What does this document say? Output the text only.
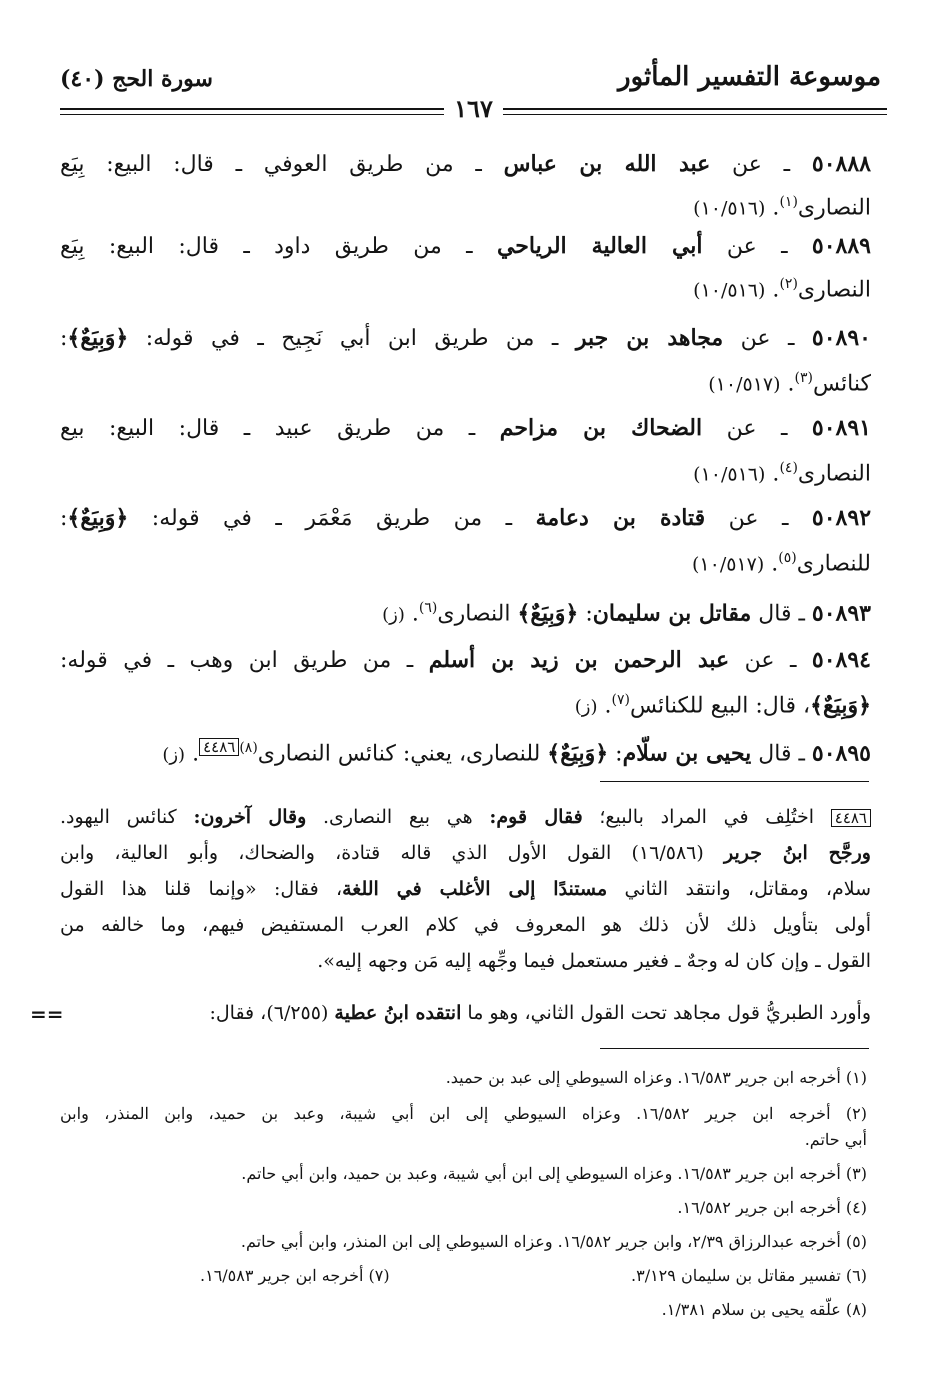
موسوعة التفسير المأثور
سورة الحج (٤٠)
١٦٧
٥٠٨٨٨ ـ عن عبد الله بن عباس ـ من طريق العوفي ـ قال: البيع: بِيَع
النصارى$^{(١)}$. (١٠/٥١٦)
٥٠٨٨٩ ـ عن أبي العالية الرياحي ـ من طريق داود ـ قال: البيع: بِيَع
النصارى$^{(٢)}$. (١٠/٥١٦)
٥٠٨٩٠ ـ عن مجاهد بن جبر ـ من طريق ابن أبي نَجِيح ـ في قوله: ﴿وَبِيَعٌ﴾:
كنائس$^{(٣)}$. (١٠/٥١٧)
٥٠٨٩١ ـ عن الضحاك بن مزاحم ـ من طريق عبيد ـ قال: البيع: بيع
النصارى$^{(٤)}$. (١٠/٥١٦)
٥٠٨٩٢ ـ عن قتادة بن دعامة ـ من طريق مَعْمَر ـ في قوله: ﴿وَبِيَعٌ﴾:
للنصارى$^{(٥)}$. (١٠/٥١٧)
٥٠٨٩٣ ـ قال مقاتل بن سليمان: ﴿وَبِيَعٌ﴾ النصارى$^{(٦)}$. (ز)
٥٠٨٩٤ ـ عن عبد الرحمن بن زيد بن أسلم ـ من طريق ابن وهب ـ في قوله:
﴿وَبِيَعٌ﴾، قال: البيع للكنائس$^{(٧)}$. (ز)
٥٠٨٩٥ ـ قال يحيى بن سلّام: ﴿وَبِيَعٌ﴾ للنصارى، يعني: كنائس النصارى$^{(٨)}$٤٤٨٦. (ز)
٤٤٨٦ اختُلِف في المراد بالبيع؛ فقال قوم: هي بيع النصارى. وقال آخرون: كنائس اليهود.
ورجَّح ابنُ جرير (١٦/٥٨٦) القول الأول الذي قاله قتادة، والضحاك، وأبو العالية، وابن
سلام، ومقاتل، وانتقد الثاني مستندًا إلى الأغلب في اللغة، فقال: «وإنما قلنا هذا القول
أولى بتأويل ذلك لأن ذلك هو المعروف في كلام العرب المستفيض فيهم، وما خالفه من
القول ـ وإن كان له وجهٌ ـ فغير مستعمل فيما وجِّهه إليه مَن وجهه إليه».
وأورد الطبريُّ قول مجاهد تحت القول الثاني، وهو ما انتقده ابنُ عطية (٦/٢٥٥)، فقال:
==
(١) أخرجه ابن جرير ١٦/٥٨٣. وعزاه السيوطي إلى عبد بن حميد.
(٢) أخرجه ابن جرير ١٦/٥٨٢. وعزاه السيوطي إلى ابن أبي شيبة، وعبد بن حميد، وابن المنذر، وابن
أبي حاتم.
(٣) أخرجه ابن جرير ١٦/٥٨٣. وعزاه السيوطي إلى ابن أبي شيبة، وعبد بن حميد، وابن أبي حاتم.
(٤) أخرجه ابن جرير ١٦/٥٨٢.
(٥) أخرجه عبدالرزاق ٢/٣٩، وابن جرير ١٦/٥٨٢. وعزاه السيوطي إلى ابن المنذر، وابن أبي حاتم.
(٦) تفسير مقاتل بن سليمان ٣/١٢٩.
(٧) أخرجه ابن جرير ١٦/٥٨٣.
(٨) علّقه يحيى بن سلام ١/٣٨١.
